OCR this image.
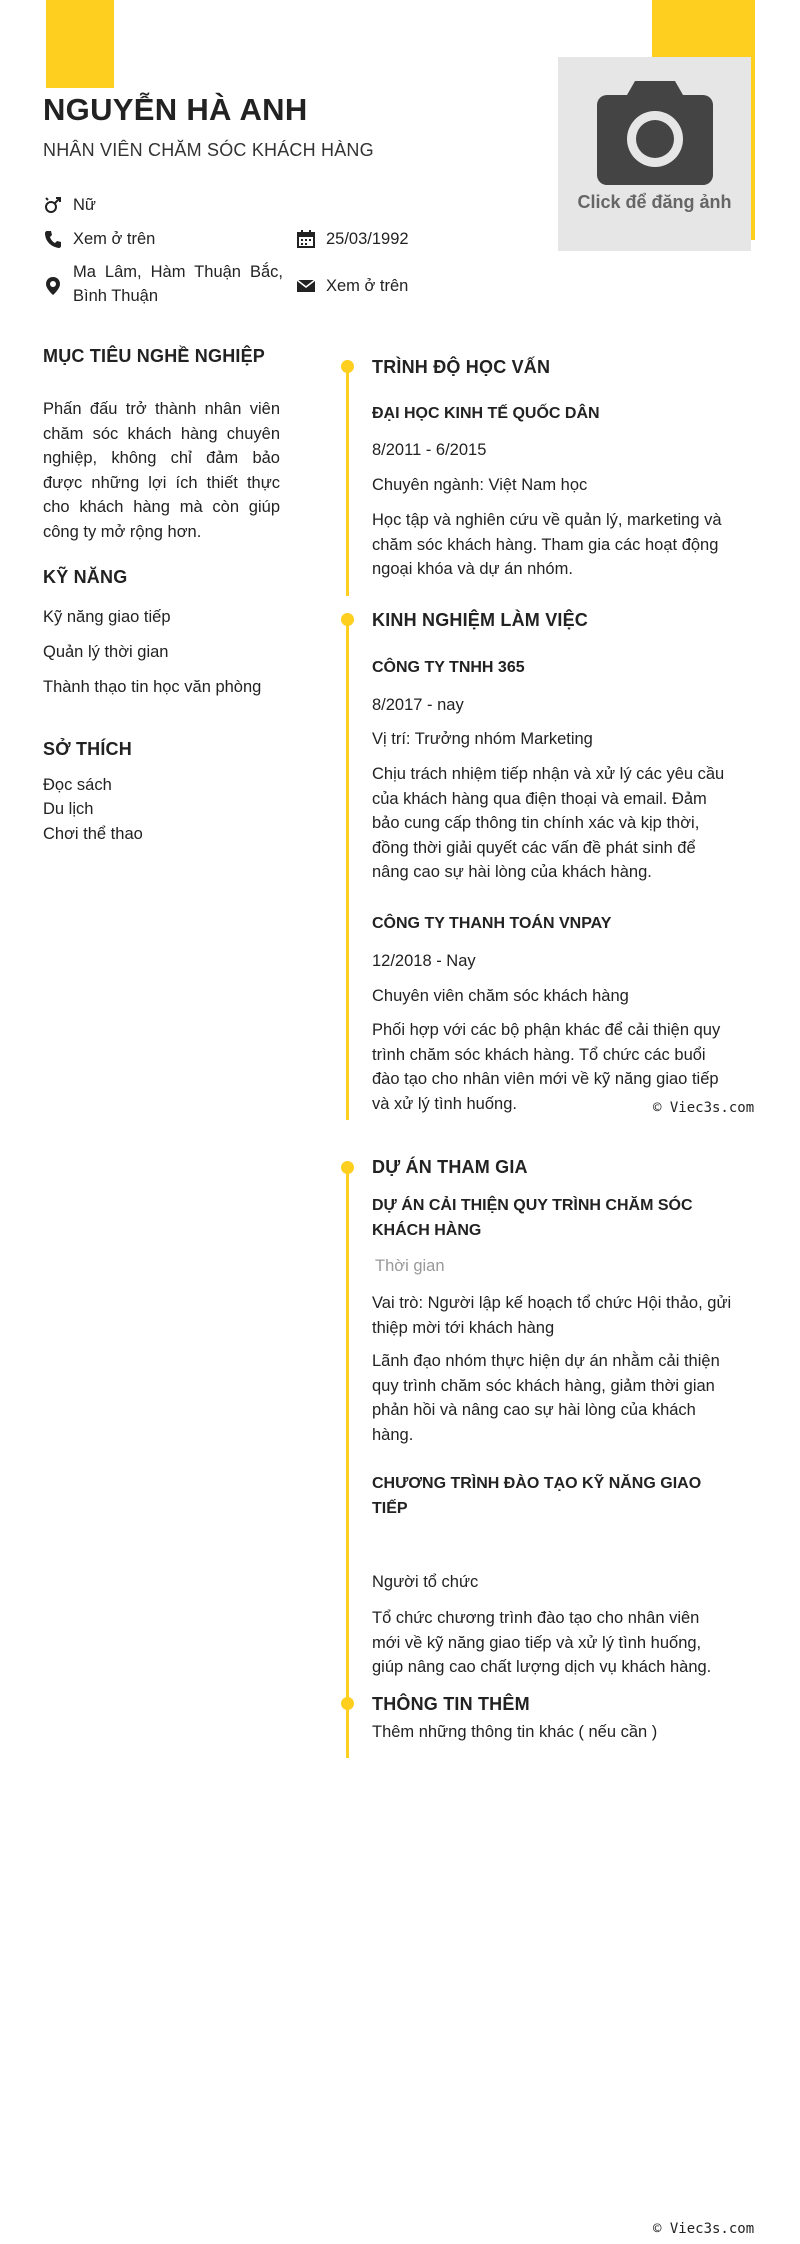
Click để đăng ảnh
NGUYỄN HÀ ANH
NHÂN VIÊN CHĂM SÓC KHÁCH HÀNG
Nữ
Xem ở trên	25/03/1992
Ma Lâm, Hàm Thuận Bắc,
Bình Thuận
Xem ở trên
MỤC TIÊU NGHỀ NGHIỆP
Phấn đấu trở thành nhân viên chăm sóc khách hàng chuyên nghiệp, không chỉ đảm bảo được những lợi ích thiết thực cho khách hàng mà còn giúp công ty mở rộng hơn.
KỸ NĂNG
Kỹ năng giao tiếp
Quản lý thời gian
Thành thạo tin học văn phòng
SỞ THÍCH
Đọc sách
Du lịch
Chơi thể thao
TRÌNH ĐỘ HỌC VẤN
ĐẠI HỌC KINH TẾ QUỐC DÂN
8/2011 - 6/2015
Chuyên ngành: Việt Nam học
Học tập và nghiên cứu về quản lý, marketing và chăm sóc khách hàng. Tham gia các hoạt động ngoại khóa và dự án nhóm.
KINH NGHIỆM LÀM VIỆC
CÔNG TY TNHH 365
8/2017 - nay
Vị trí: Trưởng nhóm Marketing
Chịu trách nhiệm tiếp nhận và xử lý các yêu cầu của khách hàng qua điện thoại và email. Đảm bảo cung cấp thông tin chính xác và kịp thời, đồng thời giải quyết các vấn đề phát sinh để nâng cao sự hài lòng của khách hàng.
CÔNG TY THANH TOÁN VNPAY
12/2018 - Nay
Chuyên viên chăm sóc khách hàng
Phối hợp với các bộ phận khác để cải thiện quy trình chăm sóc khách hàng. Tổ chức các buổi đào tạo cho nhân viên mới về kỹ năng giao tiếp và xử lý tình huống.	© Viec3s.com
DỰ ÁN THAM GIA
DỰ ÁN CẢI THIỆN QUY TRÌNH CHĂM SÓC KHÁCH HÀNG
Thời gian
Vai trò: Người lập kế hoạch tổ chức Hội thảo, gửi thiệp mời tới khách hàng
Lãnh đạo nhóm thực hiện dự án nhằm cải thiện quy trình chăm sóc khách hàng, giảm thời gian phản hồi và nâng cao sự hài lòng của khách hàng.
CHƯƠNG TRÌNH ĐÀO TẠO KỸ NĂNG GIAO TIẾP
Người tổ chức
Tổ chức chương trình đào tạo cho nhân viên mới về kỹ năng giao tiếp và xử lý tình huống, giúp nâng cao chất lượng dịch vụ khách hàng.
THÔNG TIN THÊM
Thêm những thông tin khác ( nếu cần )
© Viec3s.com
